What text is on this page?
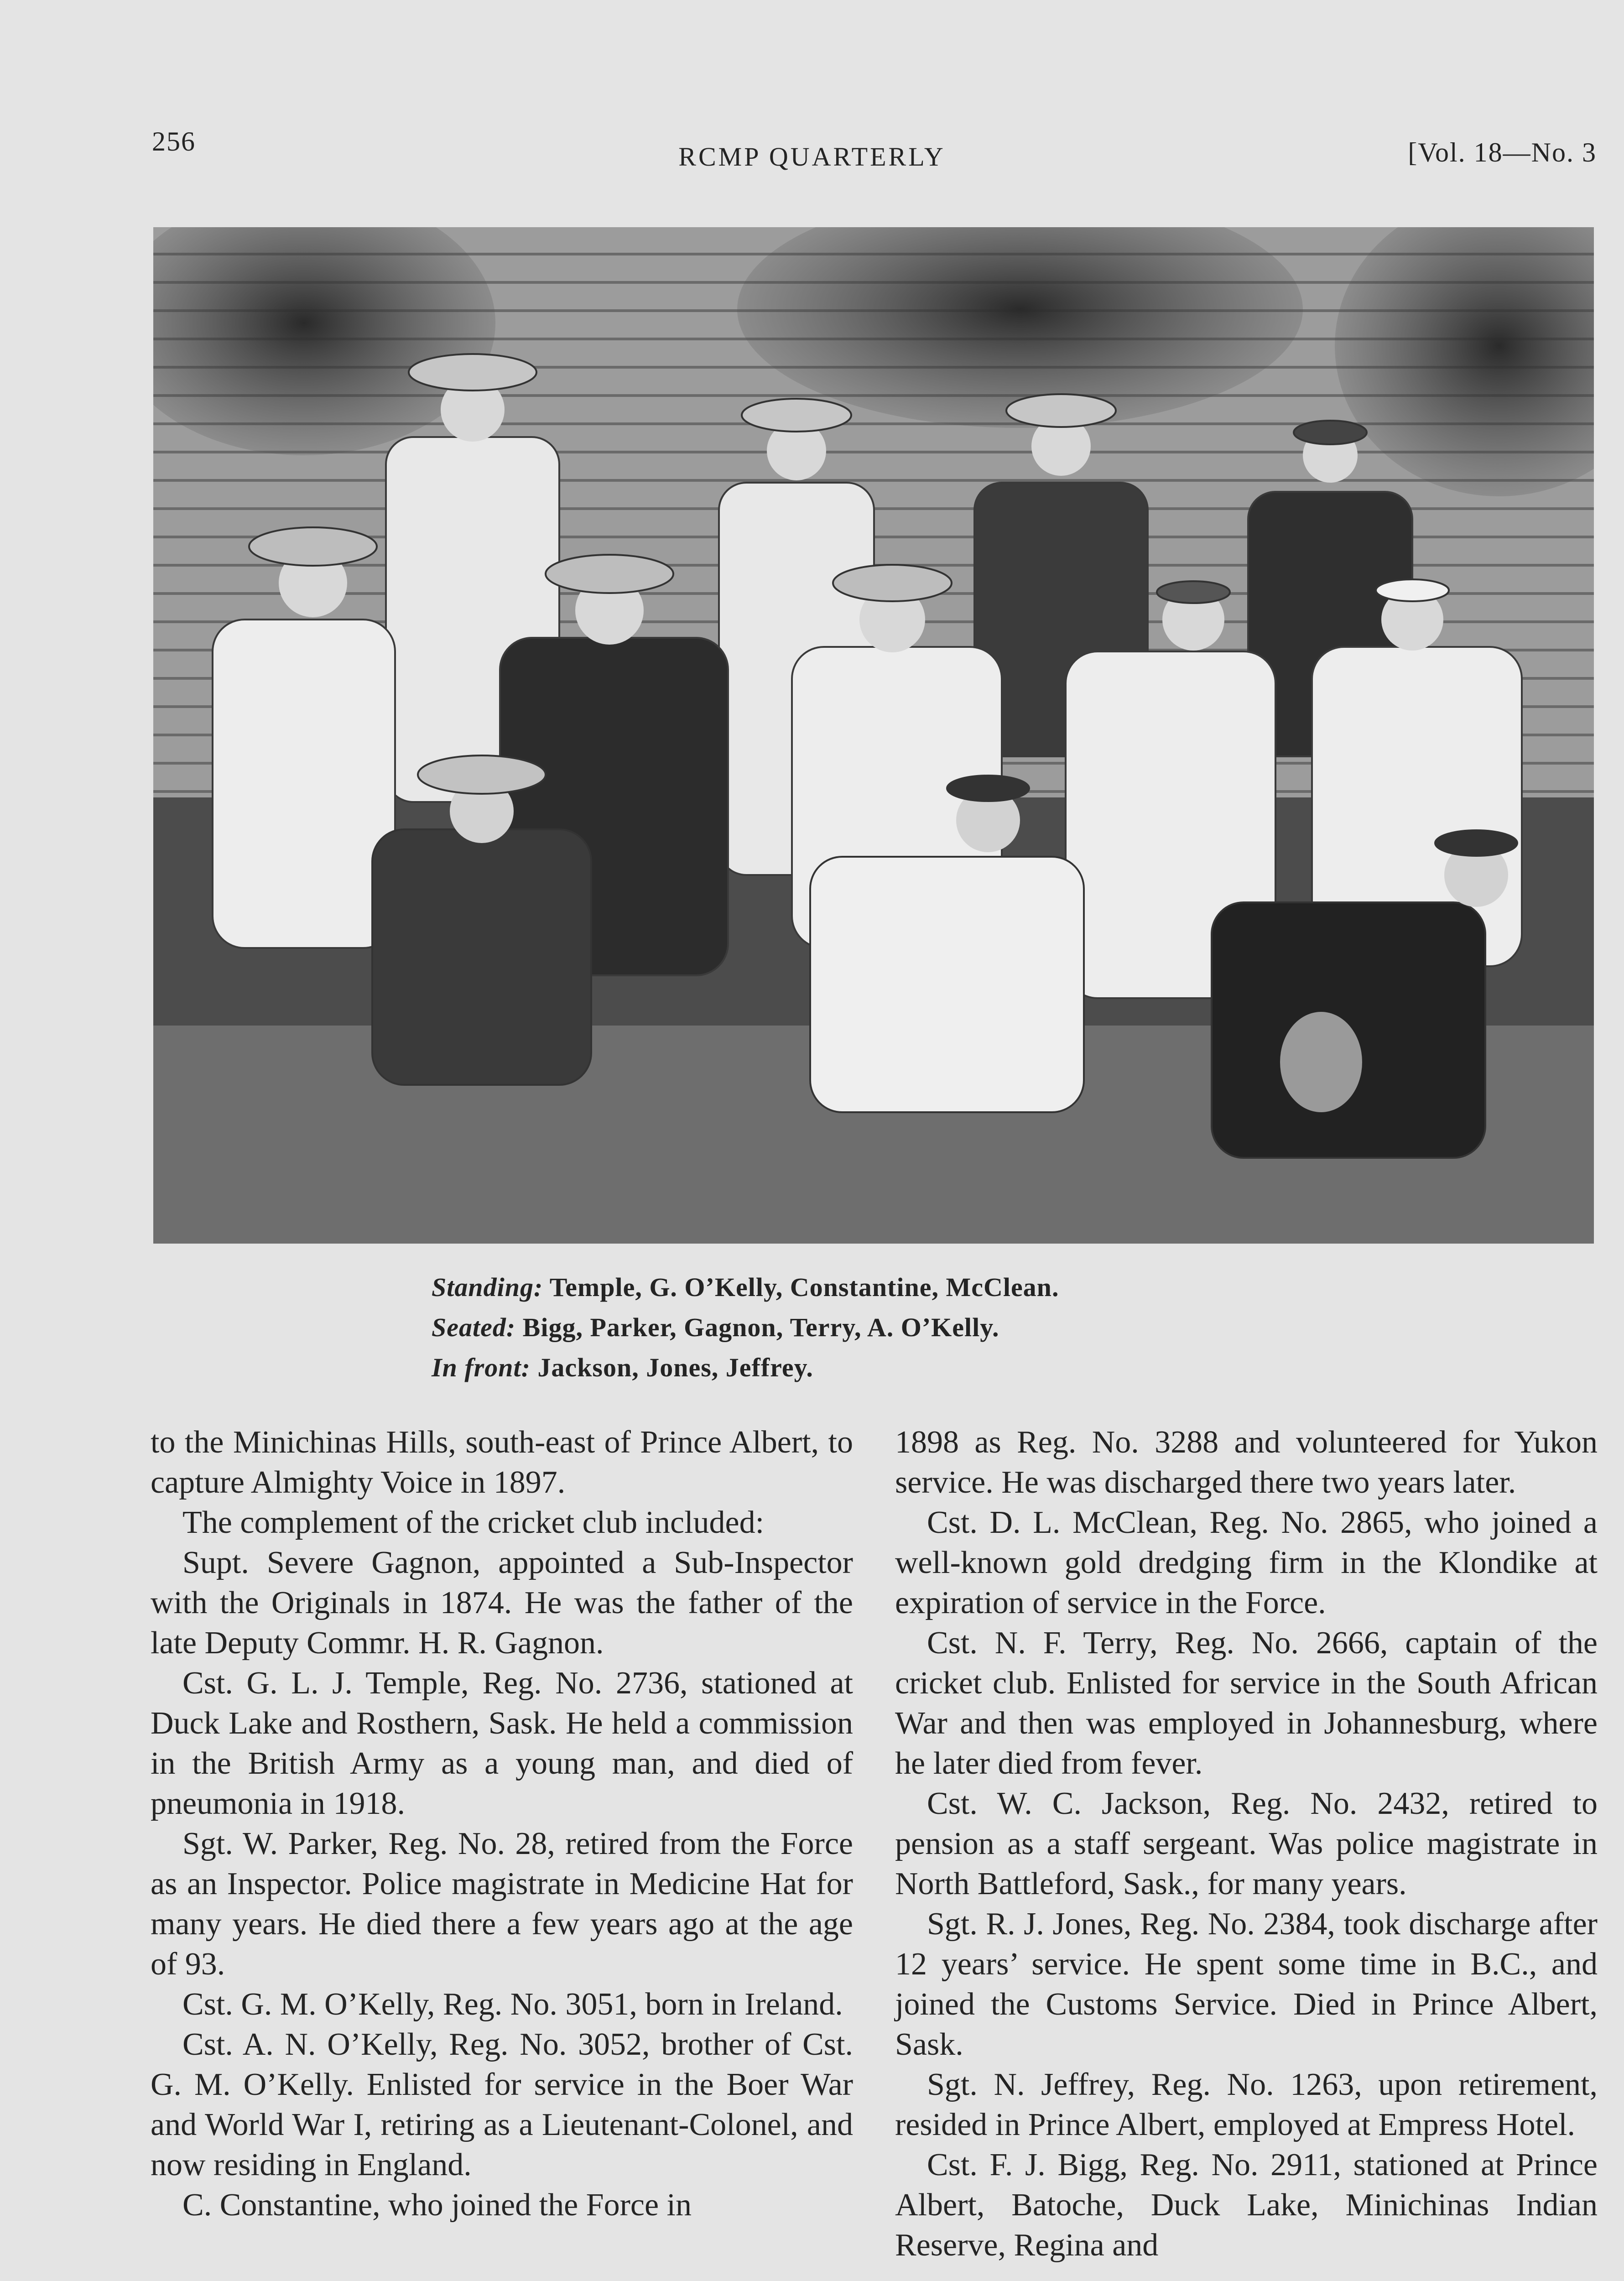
256
RCMP QUARTERLY	[Vol. 18—No. 3
Standing: Temple, G. O’Kelly, Constantine, McClean.
Seated: Bigg, Parker, Gagnon, Terry, A. O’Kelly.
In front: Jackson, Jones, Jeffrey.

to the Minichinas Hills, south-east of Prince Albert, to capture Almighty Voice in 1897.

The complement of the cricket club included:

Supt. Severe Gagnon, appointed a Sub-Inspector with the Originals in 1874. He was the father of the late Deputy Commr. H. R. Gagnon.

Cst. G. L. J. Temple, Reg. No. 2736, stationed at Duck Lake and Rosthern, Sask. He held a commission in the British Army as a young man, and died of pneumonia in 1918.

Sgt. W. Parker, Reg. No. 28, retired from the Force as an Inspector. Police magistrate in Medicine Hat for many years. He died there a few years ago at the age of 93.

Cst. G. M. O’Kelly, Reg. No. 3051, born in Ireland.

Cst. A. N. O’Kelly, Reg. No. 3052, brother of Cst. G. M. O’Kelly. Enlisted for service in the Boer War and World War I, retiring as a Lieutenant-Colonel, and now residing in England.

C. Constantine, who joined the Force in

1898 as Reg. No. 3288 and volunteered for Yukon service. He was discharged there two years later.

Cst. D. L. McClean, Reg. No. 2865, who joined a well-known gold dredging firm in the Klondike at expiration of service in the Force.

Cst. N. F. Terry, Reg. No. 2666, captain of the cricket club. Enlisted for service in the South African War and then was employed in Johannesburg, where he later died from fever.

Cst. W. C. Jackson, Reg. No. 2432, retired to pension as a staff sergeant. Was police magistrate in North Battleford, Sask., for many years.

Sgt. R. J. Jones, Reg. No. 2384, took discharge after 12 years’ service. He spent some time in B.C., and joined the Customs Service. Died in Prince Albert, Sask.

Sgt. N. Jeffrey, Reg. No. 1263, upon retirement, resided in Prince Albert, employed at Empress Hotel.

Cst. F. J. Bigg, Reg. No. 2911, stationed at Prince Albert, Batoche, Duck Lake, Minichinas Indian Reserve, Regina and
